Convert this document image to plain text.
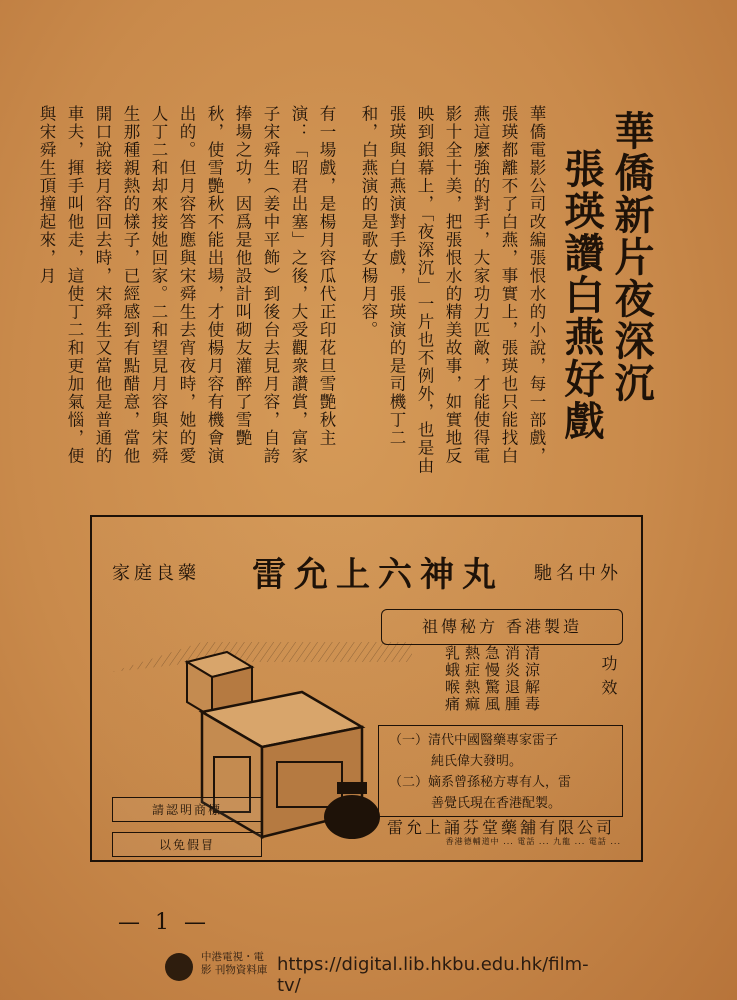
華僑新片夜深沉
張瑛讚白燕好戲

華僑電影公司改編張恨水的小說，每一部戲，張瑛都離不了白燕，事實上，張瑛也只能找白燕這麼強的對手，大家功力匹敵，才能使得電影十全十美，把張恨水的精美故事，如實地反映到銀幕上，「夜深沉」一片也不例外，也是由張瑛與白燕演對手戲，張瑛演的是司機丁二和，白燕演的是歌女楊月容。

有一場戲，是楊月容瓜代正印花旦雪艷秋主演：「昭君出塞」之後，大受觀衆讚賞，富家子宋舜生（姜中平飾）到後台去見月容，自誇捧場之功，因爲是他設計叫砌友灌醉了雪艷秋，使雪艷秋不能出場，才使楊月容有機會演出的。但月容答應與宋舜生去宵夜時，她的愛人丁二和却來接她回家。二和望見月容與宋舜生那種親熱的樣子，已經感到有點醋意，當他開口說接月容回去時，宋舜生又當他是普通的車夫，揮手叫他走，這使丁二和更加氣惱，便與宋舜生頂撞起來，月

家庭良藥 雷允上六神丸 馳名中外
祖傳秘方 香港製造
功效
清涼解毒 消炎退腫 急慢驚風 熱症熱痲 乳蛾喉痛
（一）清代中國醫藥專家雷子
純氏偉大發明。
（二）嫡系曾孫秘方專有人，雷
善覺氏現在香港配製。
請認明商標
以免假冒
雷允上誦芬堂藥舖有限公司
香港德輔道中 ... 電話 ... 九龍 ... 電話 ...
— 1 —
中港電視・電影 刊物資料庫 https://digital.lib.hkbu.edu.hk/film-tv/
